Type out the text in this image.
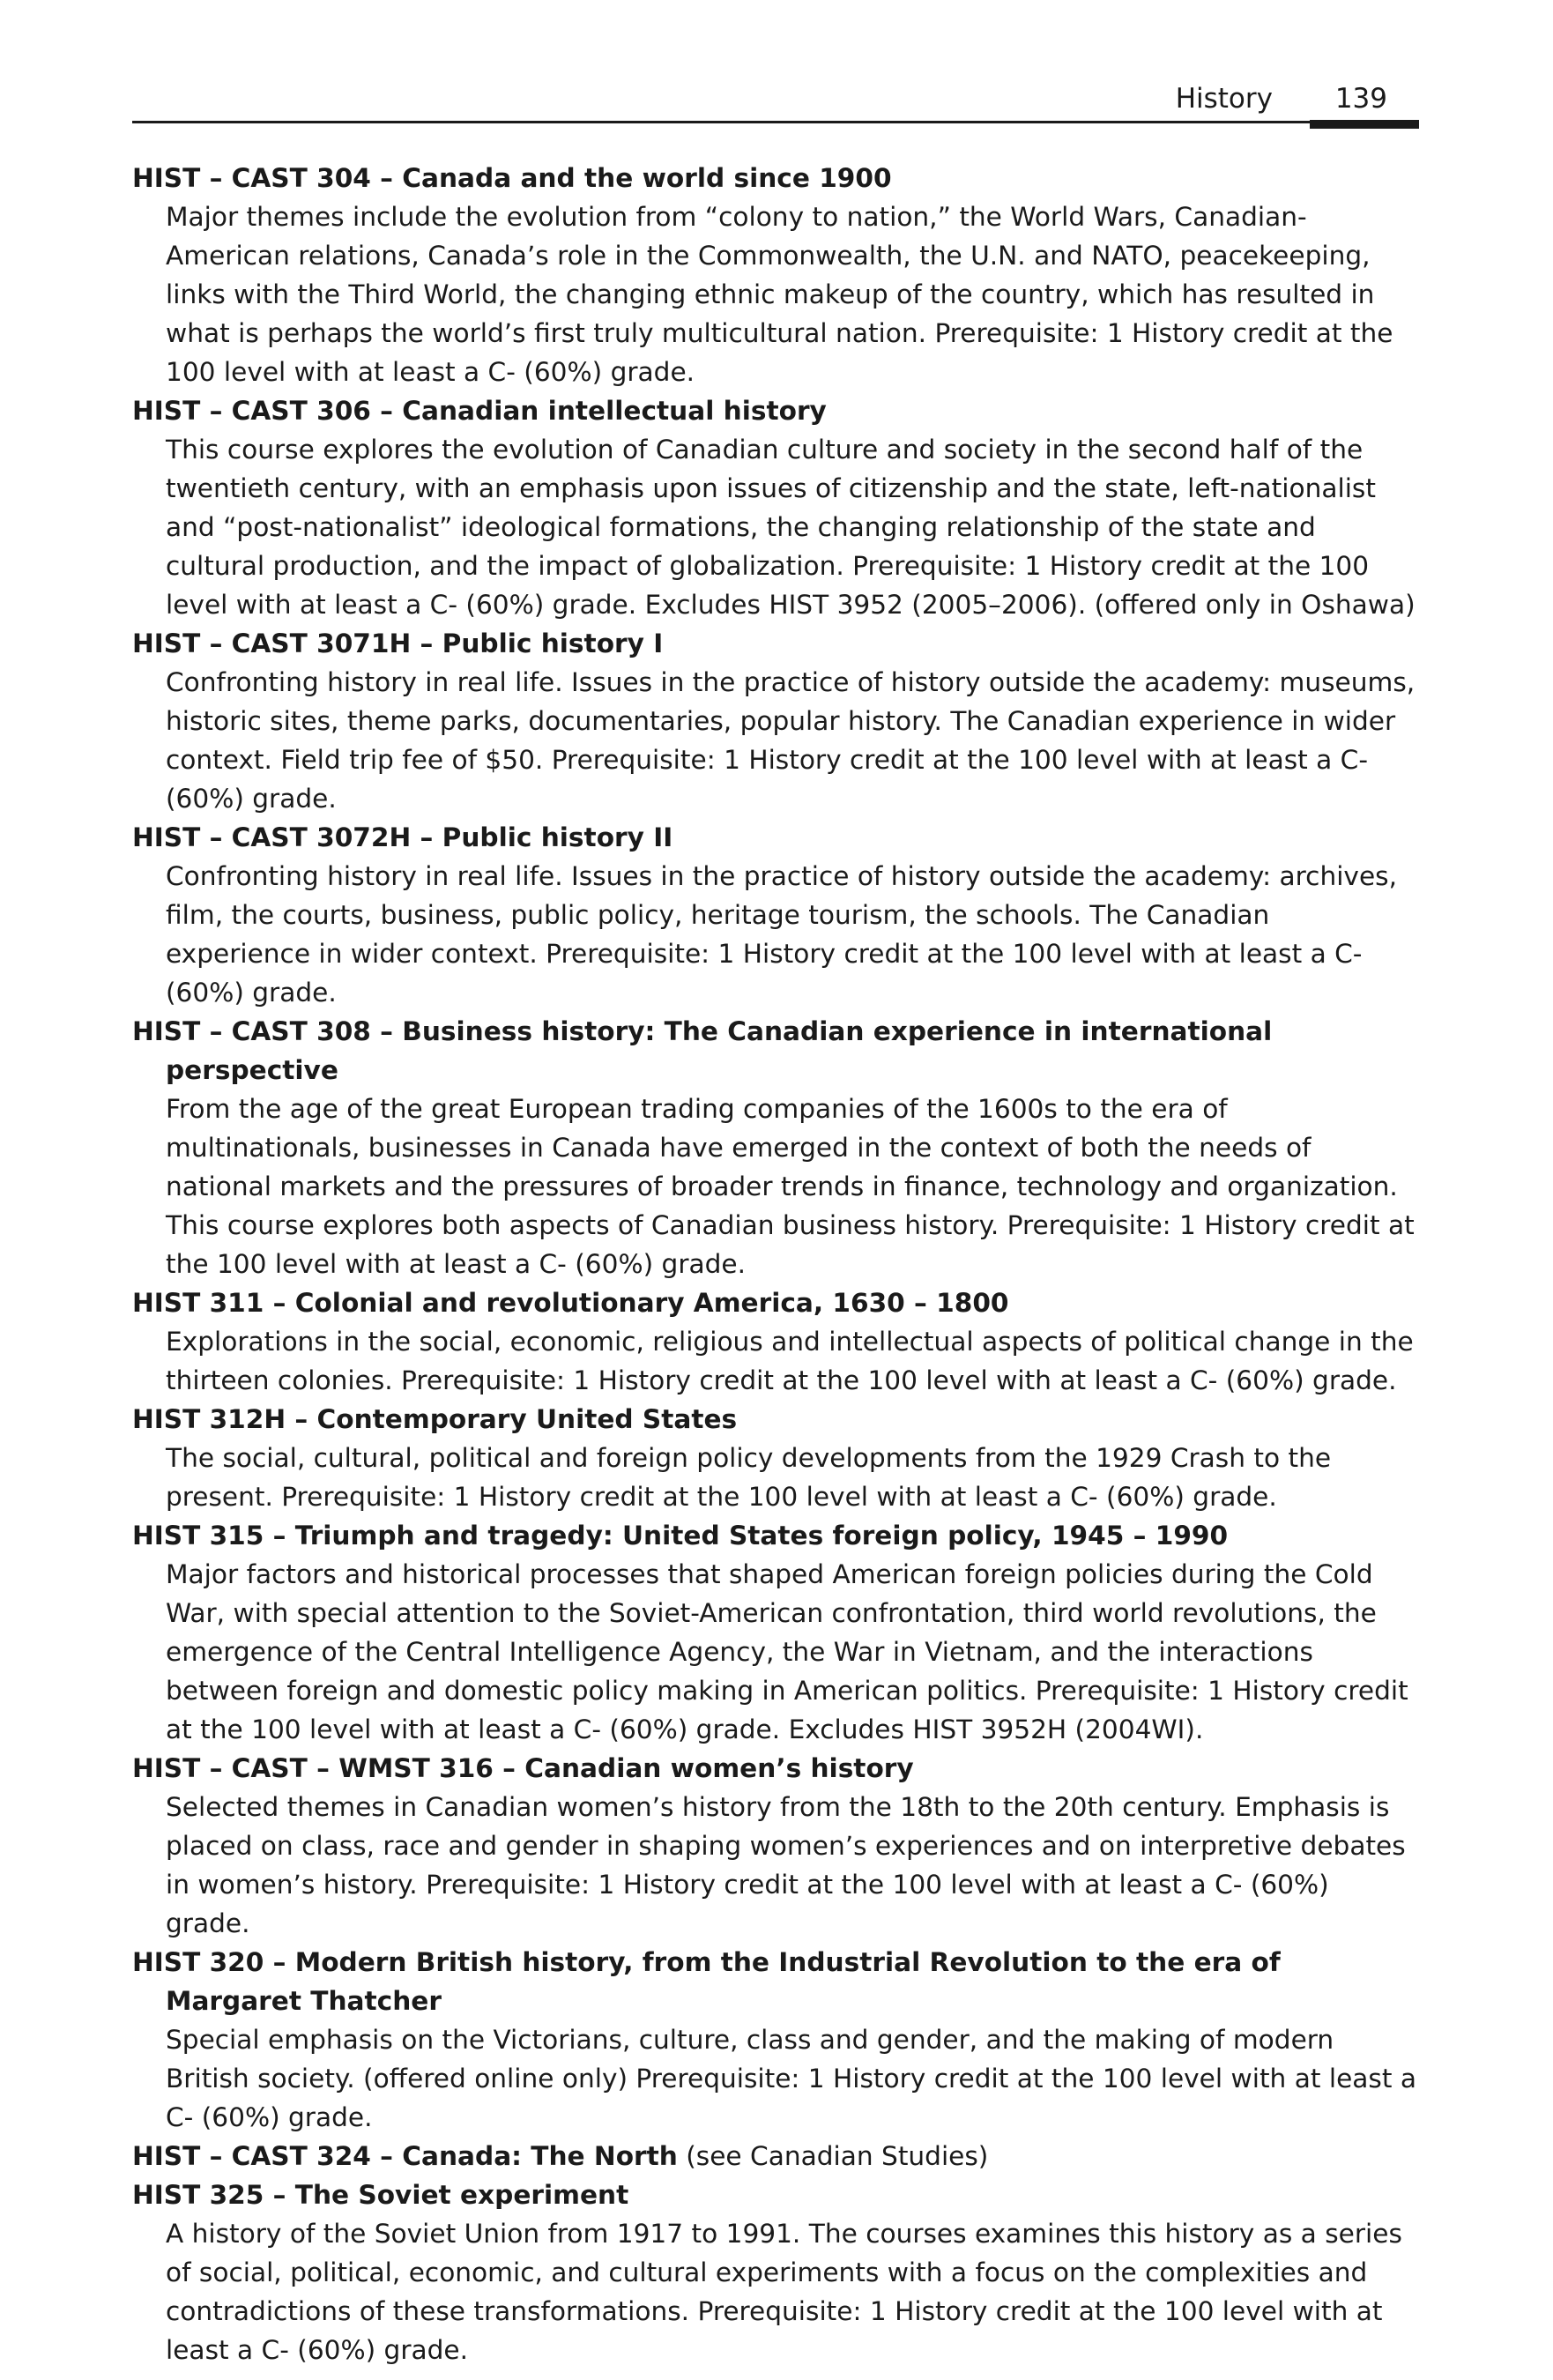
History 139
HIST – CAST 304 – Canada and the world since 1900
Major themes include the evolution from “colony to nation,” the World Wars, Canadian-American relations, Canada’s role in the Commonwealth, the U.N. and NATO, peacekeeping, links with the Third World, the changing ethnic makeup of the country, which has resulted in what is perhaps the world’s first truly multicultural nation. Prerequisite: 1 History credit at the 100 level with at least a C- (60%) grade.
HIST – CAST 306 – Canadian intellectual history
This course explores the evolution of Canadian culture and society in the second half of the twentieth century, with an emphasis upon issues of citizenship and the state, left-nationalist and “post-nationalist” ideological formations, the changing relationship of the state and cultural production, and the impact of globalization. Prerequisite: 1 History credit at the 100 level with at least a C- (60%) grade. Excludes HIST 3952 (2005–2006). (offered only in Oshawa)
HIST – CAST 3071H – Public history I
Confronting history in real life. Issues in the practice of history outside the academy: museums, historic sites, theme parks, documentaries, popular history. The Canadian experience in wider context. Field trip fee of $50. Prerequisite: 1 History credit at the 100 level with at least a C- (60%) grade.
HIST – CAST 3072H – Public history II
Confronting history in real life. Issues in the practice of history outside the academy: archives, film, the courts, business, public policy, heritage tourism, the schools. The Canadian experience in wider context. Prerequisite: 1 History credit at the 100 level with at least a C- (60%) grade.
HIST – CAST 308 – Business history: The Canadian experience in international perspective
From the age of the great European trading companies of the 1600s to the era of multinationals, businesses in Canada have emerged in the context of both the needs of national markets and the pressures of broader trends in finance, technology and organization. This course explores both aspects of Canadian business history. Prerequisite: 1 History credit at the 100 level with at least a C- (60%) grade.
HIST 311 – Colonial and revolutionary America, 1630 – 1800
Explorations in the social, economic, religious and intellectual aspects of political change in the thirteen colonies. Prerequisite: 1 History credit at the 100 level with at least a C- (60%) grade.
HIST 312H – Contemporary United States
The social, cultural, political and foreign policy developments from the 1929 Crash to the present. Prerequisite: 1 History credit at the 100 level with at least a C- (60%) grade.
HIST 315 – Triumph and tragedy: United States foreign policy, 1945 – 1990
Major factors and historical processes that shaped American foreign policies during the Cold War, with special attention to the Soviet-American confrontation, third world revolutions, the emergence of the Central Intelligence Agency, the War in Vietnam, and the interactions between foreign and domestic policy making in American politics. Prerequisite: 1 History credit at the 100 level with at least a C- (60%) grade. Excludes HIST 3952H (2004WI).
HIST – CAST – WMST 316 – Canadian women’s history
Selected themes in Canadian women’s history from the 18th to the 20th century. Emphasis is placed on class, race and gender in shaping women’s experiences and on interpretive debates in women’s history. Prerequisite: 1 History credit at the 100 level with at least a C- (60%) grade.
HIST 320 – Modern British history, from the Industrial Revolution to the era of Margaret Thatcher
Special emphasis on the Victorians, culture, class and gender, and the making of modern British society. (offered online only) Prerequisite: 1 History credit at the 100 level with at least a C- (60%) grade.
HIST – CAST 324 – Canada: The North (see Canadian Studies)
HIST 325 – The Soviet experiment
A history of the Soviet Union from 1917 to 1991. The courses examines this history as a series of social, political, economic, and cultural experiments with a focus on the complexities and contradictions of these transformations. Prerequisite: 1 History credit at the 100 level with at least a C- (60%) grade.
